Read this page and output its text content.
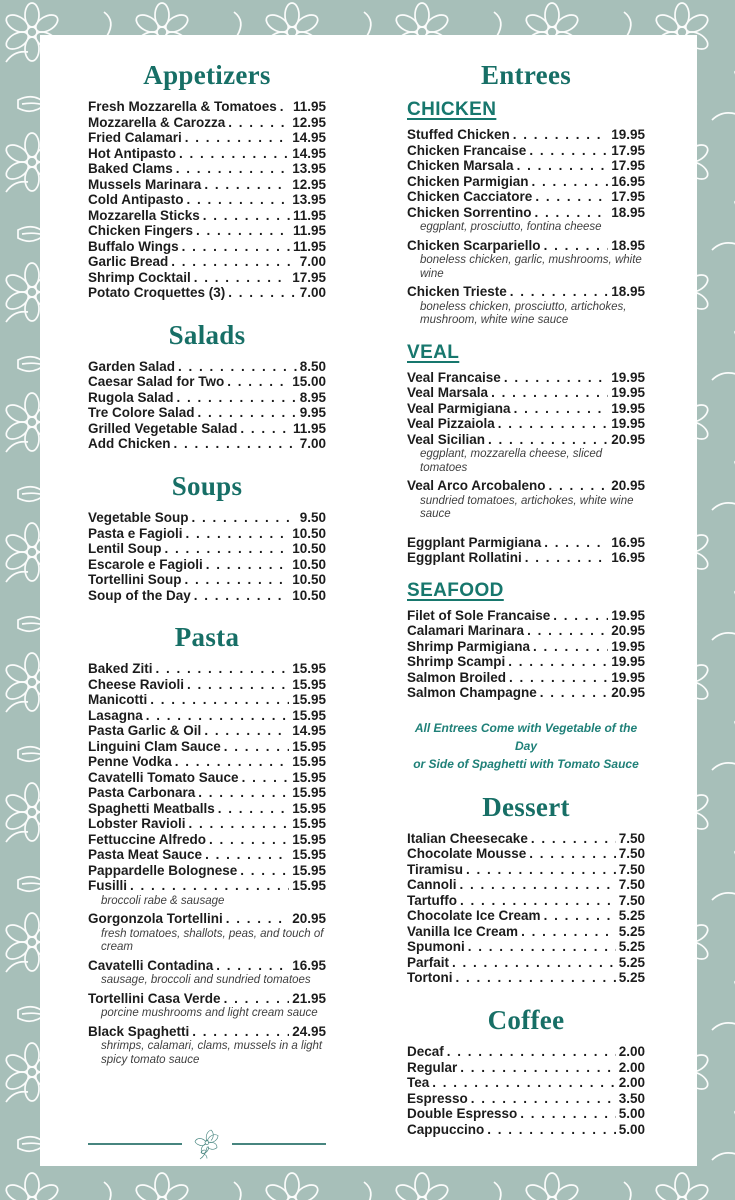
Appetizers
Fresh Mozzarella & Tomatoes . . . 11.95
Mozzarella & Carozza . . .	12.95
Fried Calamari . . .	14.95
Hot Antipasto . . .	14.95
Baked Clams . . .	13.95
Mussels Marinara . . .	12.95
Cold Antipasto . . .	13.95
Mozzarella Sticks . . .	11.95
Chicken Fingers . . .	11.95
Buffalo Wings . . .	11.95
Garlic Bread . . .	7.00
Shrimp Cocktail . . .	17.95
Potato Croquettes (3) . . .	7.00
Salads
Garden Salad . . .	8.50
Caesar Salad for Two . . .	15.00
Rugola Salad . . .	8.95
Tre Colore Salad . . .	9.95
Grilled Vegetable Salad . . .	11.95
Add Chicken . . .	7.00
Soups
Vegetable Soup . . .	9.50
Pasta e Fagioli . . .	10.50
Lentil Soup . . .	10.50
Escarole e Fagioli . . .	10.50
Tortellini Soup . . .	10.50
Soup of the Day . . .	10.50
Pasta
Baked Ziti . . .	15.95
Cheese Ravioli . . .	15.95
Manicotti . . .	15.95
Lasagna . . .	15.95
Pasta Garlic & Oil . . .	14.95
Linguini Clam Sauce . . .	15.95
Penne Vodka . . .	15.95
Cavatelli Tomato Sauce . . .	15.95
Pasta Carbonara . . .	15.95
Spaghetti Meatballs . . .	15.95
Lobster Ravioli . . .	15.95
Fettuccine Alfredo . . .	15.95
Pasta Meat Sauce . . .	15.95
Pappardelle Bolognese . . .	15.95
Fusilli . . .	15.95
broccoli rabe & sausage
Gorgonzola Tortellini . . .	20.95
fresh tomatoes, shallots, peas, and touch of cream
Cavatelli Contadina . . .	16.95
sausage, broccoli and sundried tomatoes
Tortellini Casa Verde . . .	21.95
porcine mushrooms and light cream sauce
Black Spaghetti . . .	24.95
shrimps, calamari, clams, mussels in a light spicy tomato sauce
Entrees
CHICKEN
Stuffed Chicken . . .	19.95
Chicken Francaise . . .	17.95
Chicken Marsala . . .	17.95
Chicken Parmigian . . .	16.95
Chicken Cacciatore . . .	17.95
Chicken Sorrentino . . .	18.95
eggplant, prosciutto, fontina cheese
Chicken Scarpariello . . .	18.95
boneless chicken, garlic, mushrooms, white wine
Chicken Trieste . . .	18.95
boneless chicken, prosciutto, artichokes, mushroom, white wine sauce
VEAL
Veal Francaise . . .	19.95
Veal Marsala . . .	19.95
Veal Parmigiana . . .	19.95
Veal Pizzaiola . . .	19.95
Veal Sicilian . . .	20.95
eggplant, mozzarella cheese, sliced tomatoes
Veal Arco Arcobaleno . . .	20.95
sundried tomatoes, artichokes, white wine sauce
Eggplant Parmigiana . . .	16.95
Eggplant Rollatini . . .	16.95
SEAFOOD
Filet of Sole Francaise . . .	19.95
Calamari Marinara . . .	20.95
Shrimp Parmigiana . . .	19.95
Shrimp Scampi . . .	19.95
Salmon Broiled . . .	19.95
Salmon Champagne . . .	20.95
All Entrees Come with Vegetable of the Day
or Side of Spaghetti with Tomato Sauce
Dessert
Italian Cheesecake . . .	7.50
Chocolate Mousse . . .	7.50
Tiramisu . . .	7.50
Cannoli . . .	7.50
Tartuffo . . .	7.50
Chocolate Ice Cream . . .	5.25
Vanilla Ice Cream . . .	5.25
Spumoni . . .	5.25
Parfait . . .	5.25
Tortoni . . .	5.25
Coffee
Decaf . . .	2.00
Regular . . .	2.00
Tea . . .	2.00
Espresso . . .	3.50
Double Espresso . . .	5.00
Cappuccino . . .	5.00
